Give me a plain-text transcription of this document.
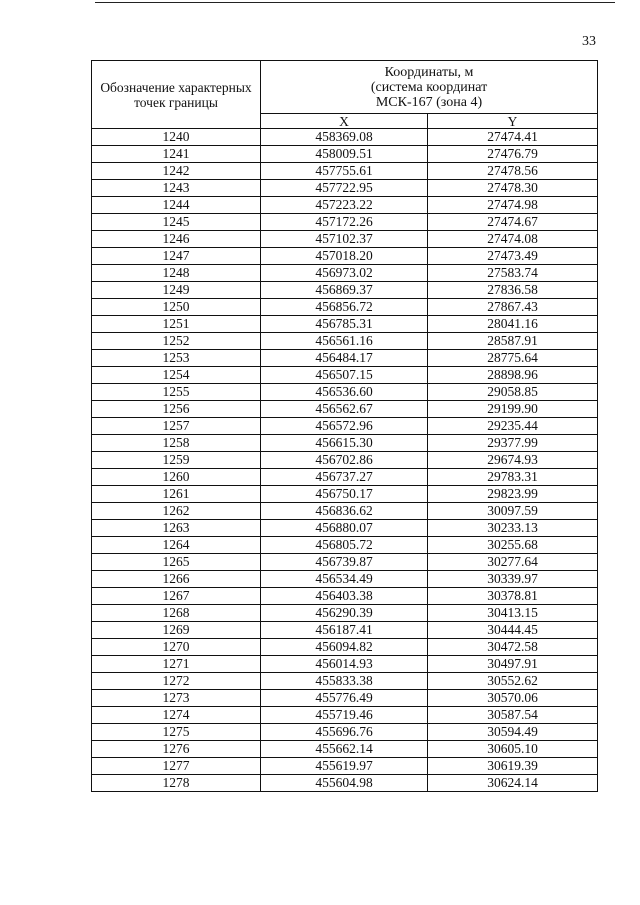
33
Обозначение характерных точек границы	Координаты, м
(система координат
МСК-167 (зона 4)	
	X	Y
1240	458369.08	27474.41
1241	458009.51	27476.79
1242	457755.61	27478.56
1243	457722.95	27478.30
1244	457223.22	27474.98
1245	457172.26	27474.67
1246	457102.37	27474.08
1247	457018.20	27473.49
1248	456973.02	27583.74
1249	456869.37	27836.58
1250	456856.72	27867.43
1251	456785.31	28041.16
1252	456561.16	28587.91
1253	456484.17	28775.64
1254	456507.15	28898.96
1255	456536.60	29058.85
1256	456562.67	29199.90
1257	456572.96	29235.44
1258	456615.30	29377.99
1259	456702.86	29674.93
1260	456737.27	29783.31
1261	456750.17	29823.99
1262	456836.62	30097.59
1263	456880.07	30233.13
1264	456805.72	30255.68
1265	456739.87	30277.64
1266	456534.49	30339.97
1267	456403.38	30378.81
1268	456290.39	30413.15
1269	456187.41	30444.45
1270	456094.82	30472.58
1271	456014.93	30497.91
1272	455833.38	30552.62
1273	455776.49	30570.06
1274	455719.46	30587.54
1275	455696.76	30594.49
1276	455662.14	30605.10
1277	455619.97	30619.39
1278	455604.98	30624.14
